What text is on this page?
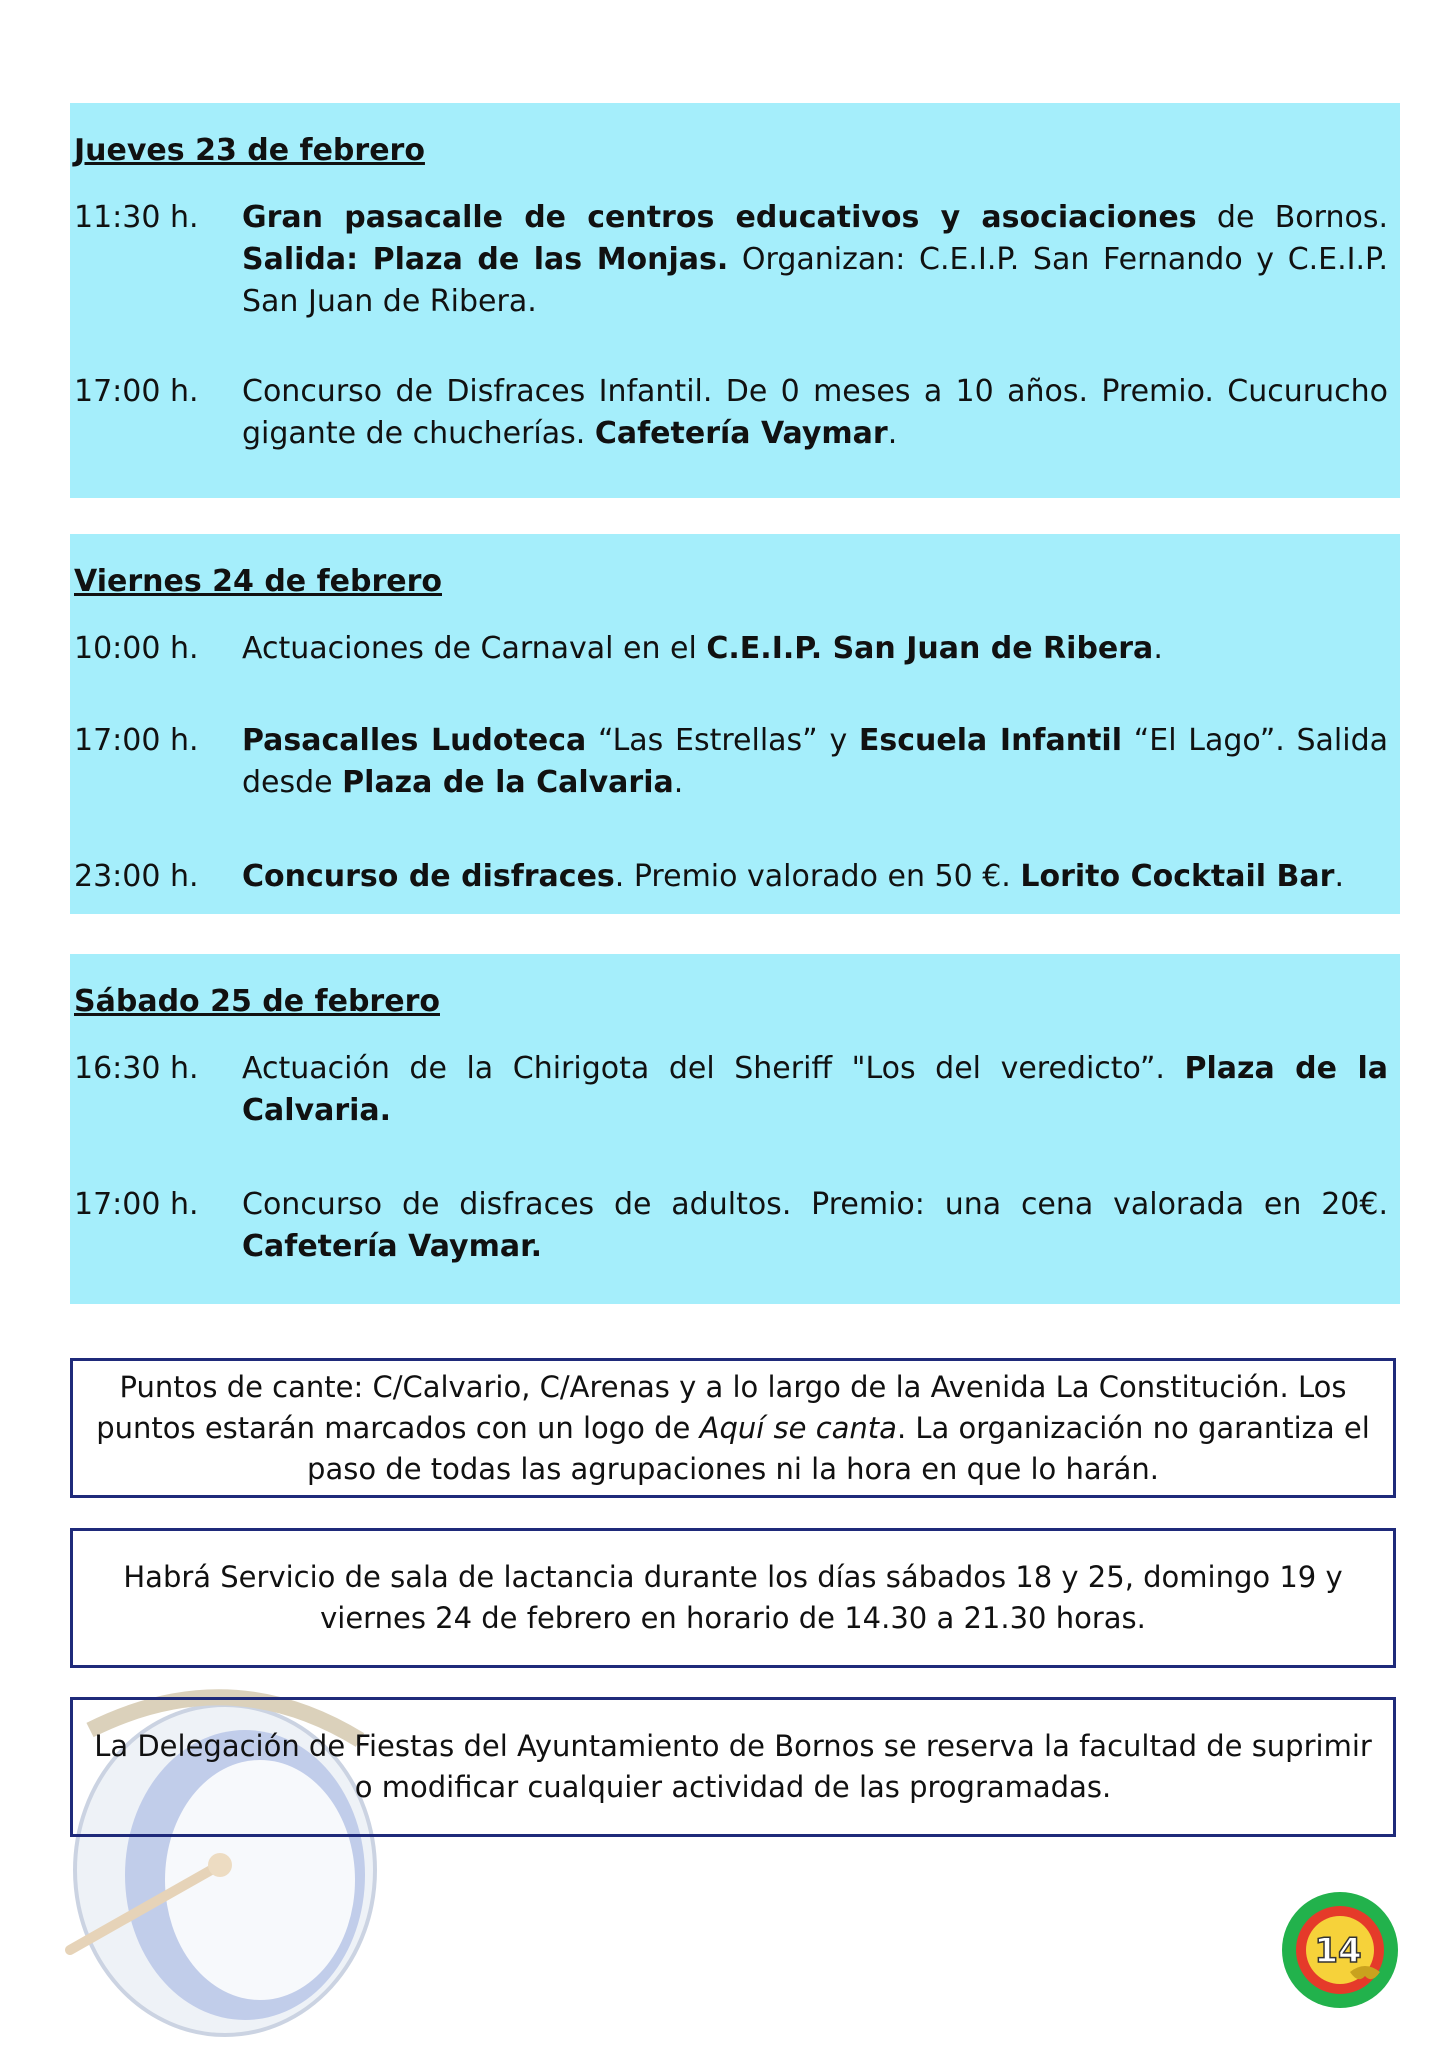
Jueves 23 de febrero
11:30 h.	Gran pasacalle de centros educativos y asociaciones de Bornos. Salida: Plaza de las Monjas. Organizan: C.E.I.P. San Fernando y C.E.I.P. San Juan de Ribera.
17:00 h.	Concurso de Disfraces Infantil. De 0 meses a 10 años. Premio. Cucurucho gigante de chucherías. Cafetería Vaymar.
Viernes 24 de febrero
10:00 h.	Actuaciones de Carnaval en el C.E.I.P. San Juan de Ribera.
17:00 h.	Pasacalles Ludoteca “Las Estrellas” y Escuela Infantil “El Lago”. Salida desde Plaza de la Calvaria.
23:00 h.	Concurso de disfraces. Premio valorado en 50 €. Lorito Cocktail Bar.
Sábado 25 de febrero
16:30 h.	Actuación de la Chirigota del Sheriff "Los del veredicto”. Plaza de la Calvaria.
17:00 h.	Concurso de disfraces de adultos. Premio: una cena valorada en 20€. Cafetería Vaymar.
Puntos de cante: C/Calvario, C/Arenas y a lo largo de la Avenida La Constitución. Los puntos estarán marcados con un logo de Aquí se canta. La organización no garantiza el paso de todas las agrupaciones ni la hora en que lo harán.
Habrá Servicio de sala de lactancia durante los días sábados 18 y 25, domingo 19 y viernes 24 de febrero en horario de 14.30 a 21.30 horas.
La Delegación de Fiestas del Ayuntamiento de Bornos se reserva la facultad de suprimir o modificar cualquier actividad de las programadas.
14
